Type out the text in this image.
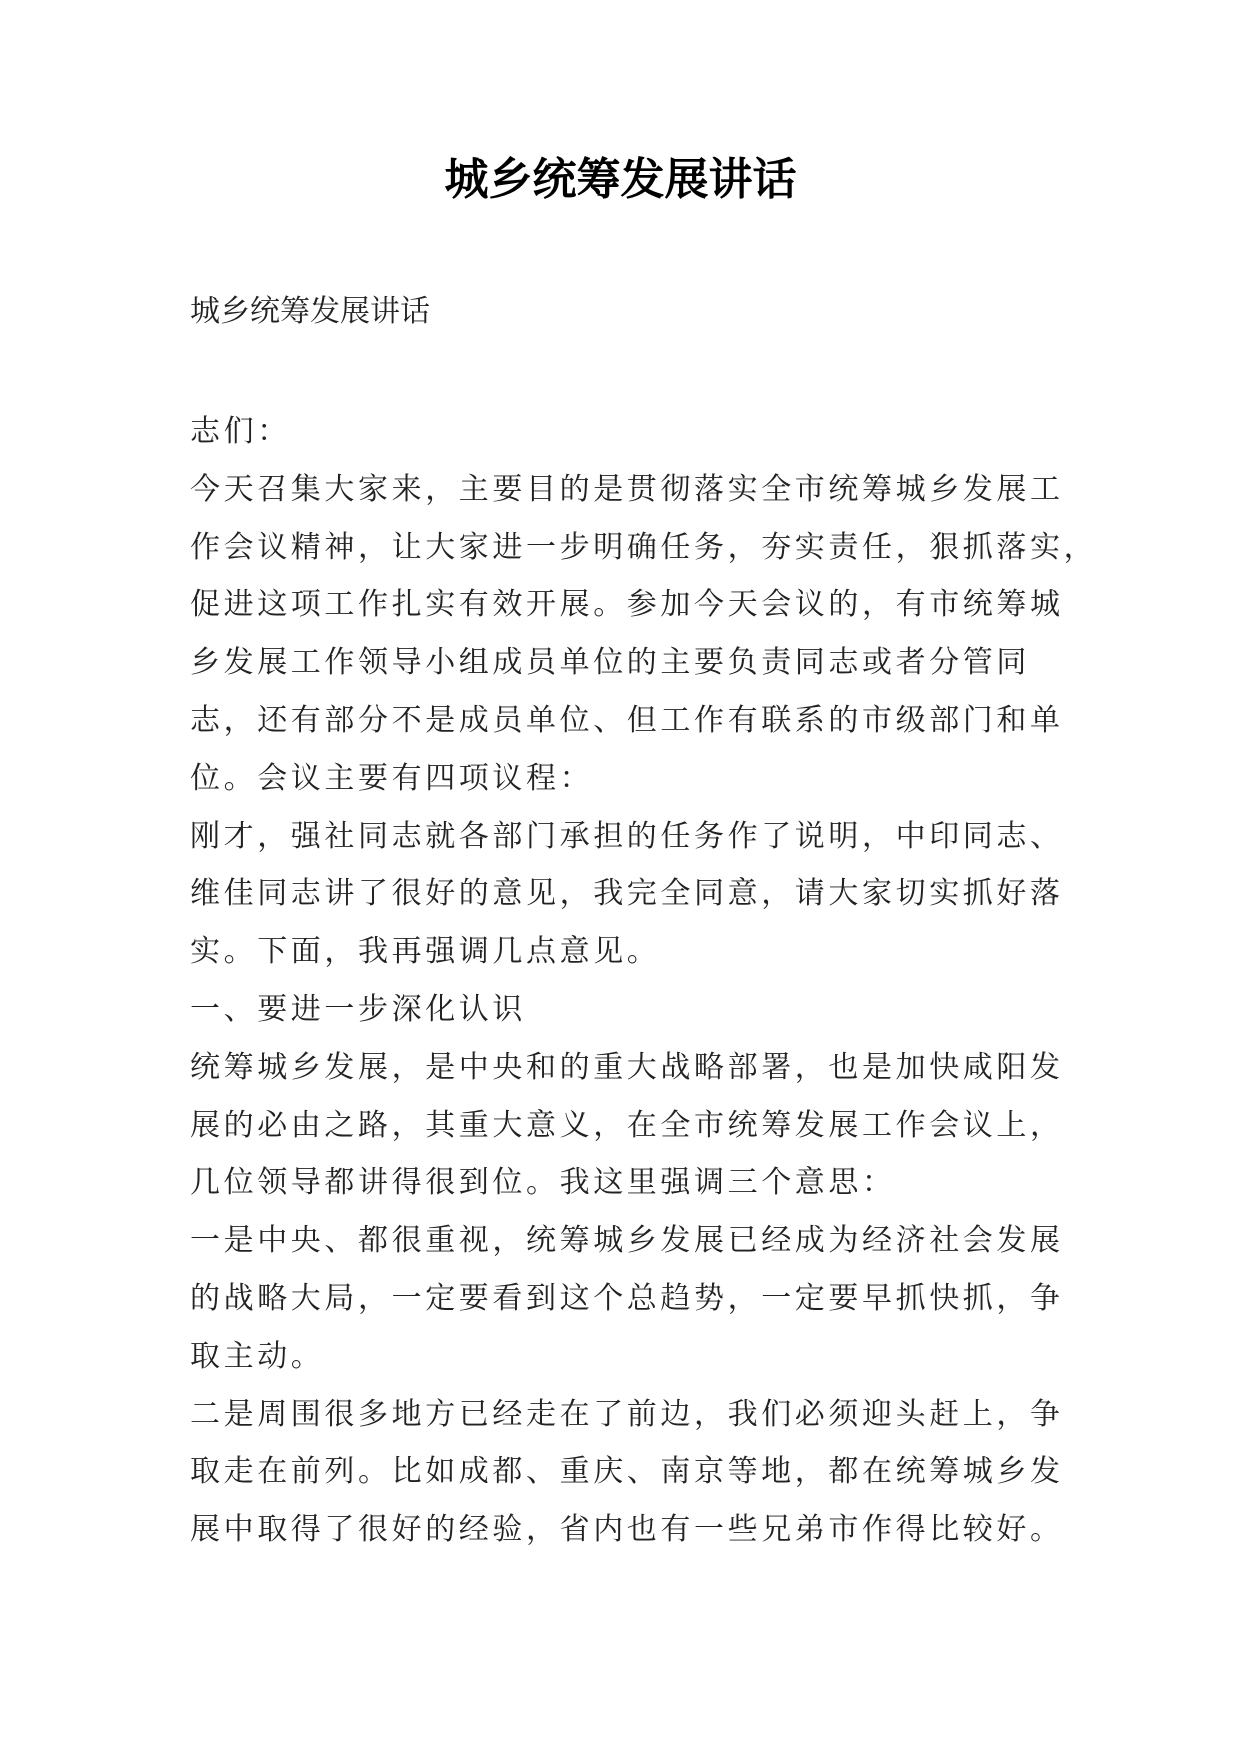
城乡统筹发展讲话

城乡统筹发展讲话

志们：
今天召集大家来，主要目的是贯彻落实全市统筹城乡发展工
作会议精神，让大家进一步明确任务，夯实责任，狠抓落实，
促进这项工作扎实有效开展。参加今天会议的，有市统筹城
乡发展工作领导小组成员单位的主要负责同志或者分管同
志，还有部分不是成员单位、但工作有联系的市级部门和单
位。会议主要有四项议程：
刚才，强社同志就各部门承担的任务作了说明，中印同志、
维佳同志讲了很好的意见，我完全同意，请大家切实抓好落
实。下面，我再强调几点意见。
一、要进一步深化认识
统筹城乡发展，是中央和的重大战略部署，也是加快咸阳发
展的必由之路，其重大意义，在全市统筹发展工作会议上，
几位领导都讲得很到位。我这里强调三个意思：
一是中央、都很重视，统筹城乡发展已经成为经济社会发展
的战略大局，一定要看到这个总趋势，一定要早抓快抓，争
取主动。
二是周围很多地方已经走在了前边，我们必须迎头赶上，争
取走在前列。比如成都、重庆、南京等地，都在统筹城乡发
展中取得了很好的经验，省内也有一些兄弟市作得比较好。
